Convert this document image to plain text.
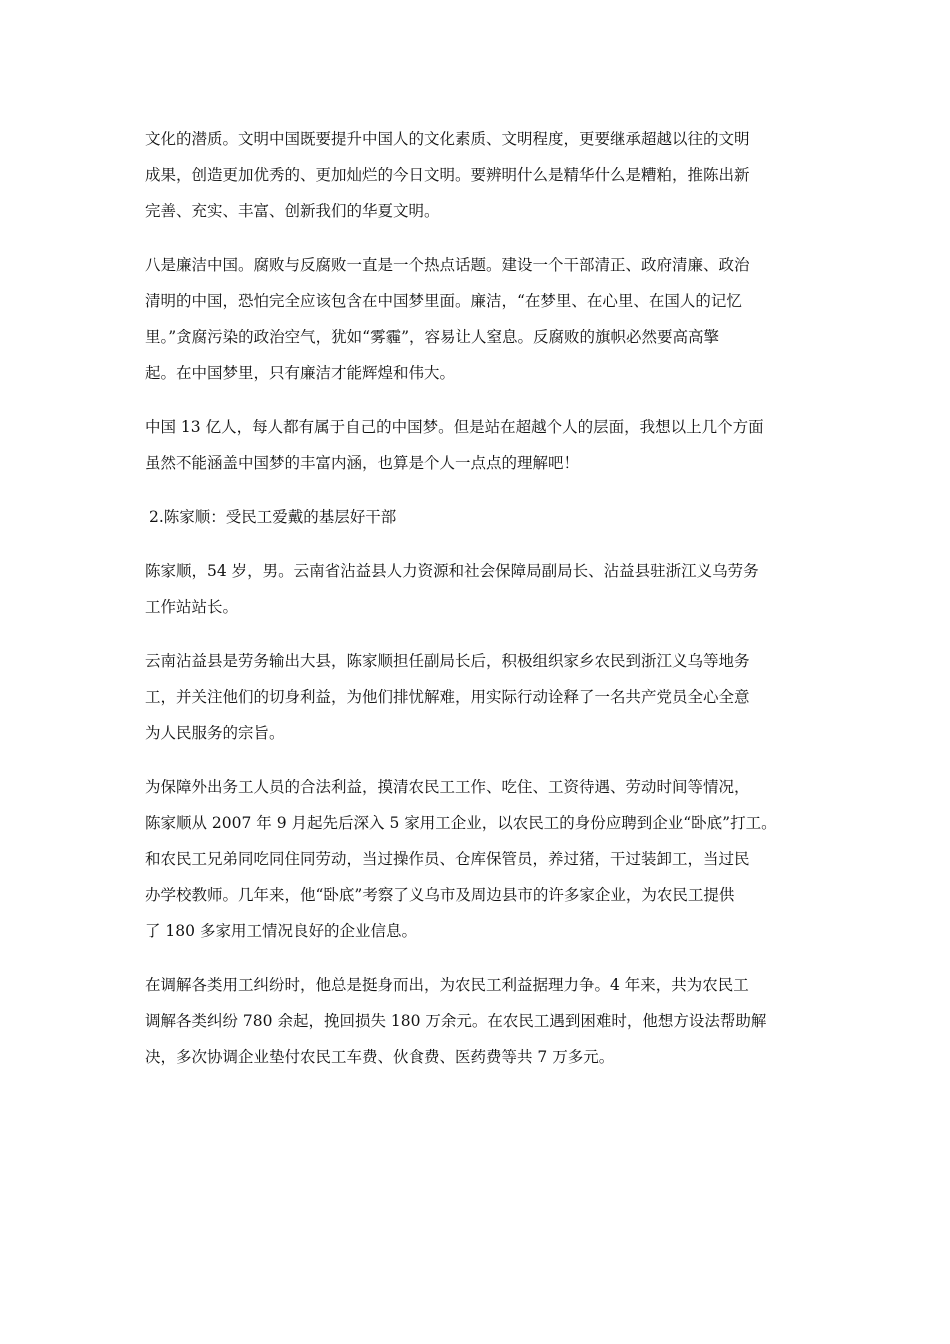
文化的潜质。文明中国既要提升中国人的文化素质、文明程度，更要继承超越以往的文明
成果，创造更加优秀的、更加灿烂的今日文明。要辨明什么是精华什么是糟粕，推陈出新
完善、充实、丰富、创新我们的华夏文明。
八是廉洁中国。腐败与反腐败一直是一个热点话题。建设一个干部清正、政府清廉、政治
清明的中国，恐怕完全应该包含在中国梦里面。廉洁，“在梦里、在心里、在国人的记忆
里。”贪腐污染的政治空气，犹如“雾霾”，容易让人窒息。反腐败的旗帜必然要高高擎
起。在中国梦里，只有廉洁才能辉煌和伟大。
中国 13 亿人，每人都有属于自己的中国梦。但是站在超越个人的层面，我想以上几个方面
虽然不能涵盖中国梦的丰富内涵，也算是个人一点点的理解吧！
2.陈家顺：受民工爱戴的基层好干部
陈家顺，54 岁，男。云南省沾益县人力资源和社会保障局副局长、沾益县驻浙江义乌劳务
工作站站长。
云南沾益县是劳务输出大县，陈家顺担任副局长后，积极组织家乡农民到浙江义乌等地务
工，并关注他们的切身利益，为他们排忧解难，用实际行动诠释了一名共产党员全心全意
为人民服务的宗旨。
为保障外出务工人员的合法利益，摸清农民工工作、吃住、工资待遇、劳动时间等情况，
陈家顺从 2007 年 9 月起先后深入 5 家用工企业，以农民工的身份应聘到企业“卧底”打工。
和农民工兄弟同吃同住同劳动，当过操作员、仓库保管员，养过猪，干过装卸工，当过民
办学校教师。几年来，他“卧底”考察了义乌市及周边县市的许多家企业，为农民工提供
了 180 多家用工情况良好的企业信息。
在调解各类用工纠纷时，他总是挺身而出，为农民工利益据理力争。4 年来，共为农民工
调解各类纠纷 780 余起，挽回损失 180 万余元。在农民工遇到困难时，他想方设法帮助解
决，多次协调企业垫付农民工车费、伙食费、医药费等共 7 万多元。
